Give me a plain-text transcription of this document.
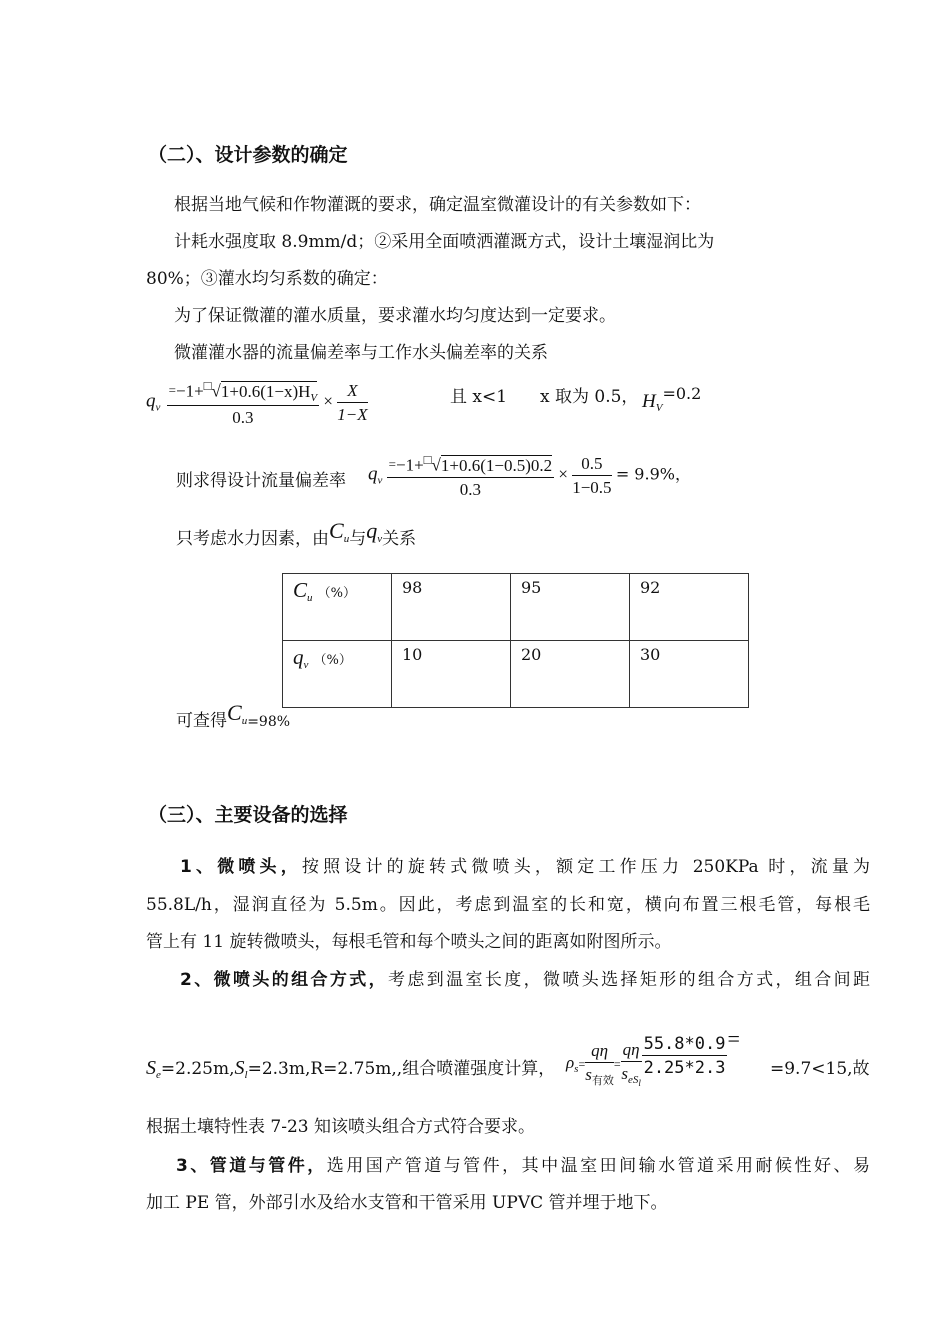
（二）、设计参数的确定
根据当地气候和作物灌溉的要求，确定温室微灌设计的有关参数如下：
计耗水强度取 8.9mm/d；②采用全面喷洒灌溉方式，设计土壤湿润比为
80%；③灌水均匀系数的确定：
为了保证微灌的灌水质量，要求灌水均匀度达到一定要求。
微灌灌水器的流量偏差率与工作水头偏差率的关系
$q_v \frac{=-1+^□√1+0.6(1-x)H_V}{0.3} \times \frac{X}{1-X}$	且 x<1 x 取为 0.5， $H_V=0.2$
则求得设计流量偏差率 $q_v \frac{=-1+^□√1+0.6(1-0.5)0.2}{0.3} \times \frac{0.5}{1-0.5} = 9.9\%$，
只考虑水力因素，由Cu与qv关系
$C_u$ （%）	98	95	92
$q_v$ （%）	10	20	30
可查得Cu=98%
（三）、主要设备的选择
1、微喷头，按照设计的旋转式微喷头，额定工作压力 250KPa 时，流量为
55.8L/h，湿润直径为 5.5m。因此，考虑到温室的长和宽，横向布置三根毛管，每根毛
管上有 11 旋转微喷头，每根毛管和每个喷头之间的距离如附图所示。
2、微喷头的组合方式，考虑到温室长度，微喷头选择矩形的组合方式，组合间距
$S_e=2.25m,S_l=2.3m,R=2.75m$,,组合喷灌强度计算， $\rho_{s=} \frac{q\eta}{s_{有效}} _= \frac{q\eta}{s_{eSl}} \frac{55.8*0.9}{2.25*2.3}$ =
=9.7<15,故
根据土壤特性表 7-23 知该喷头组合方式符合要求。
3、管道与管件，选用国产管道与管件，其中温室田间输水管道采用耐候性好、易
加工 PE 管，外部引水及给水支管和干管采用 UPVC 管并埋于地下。
